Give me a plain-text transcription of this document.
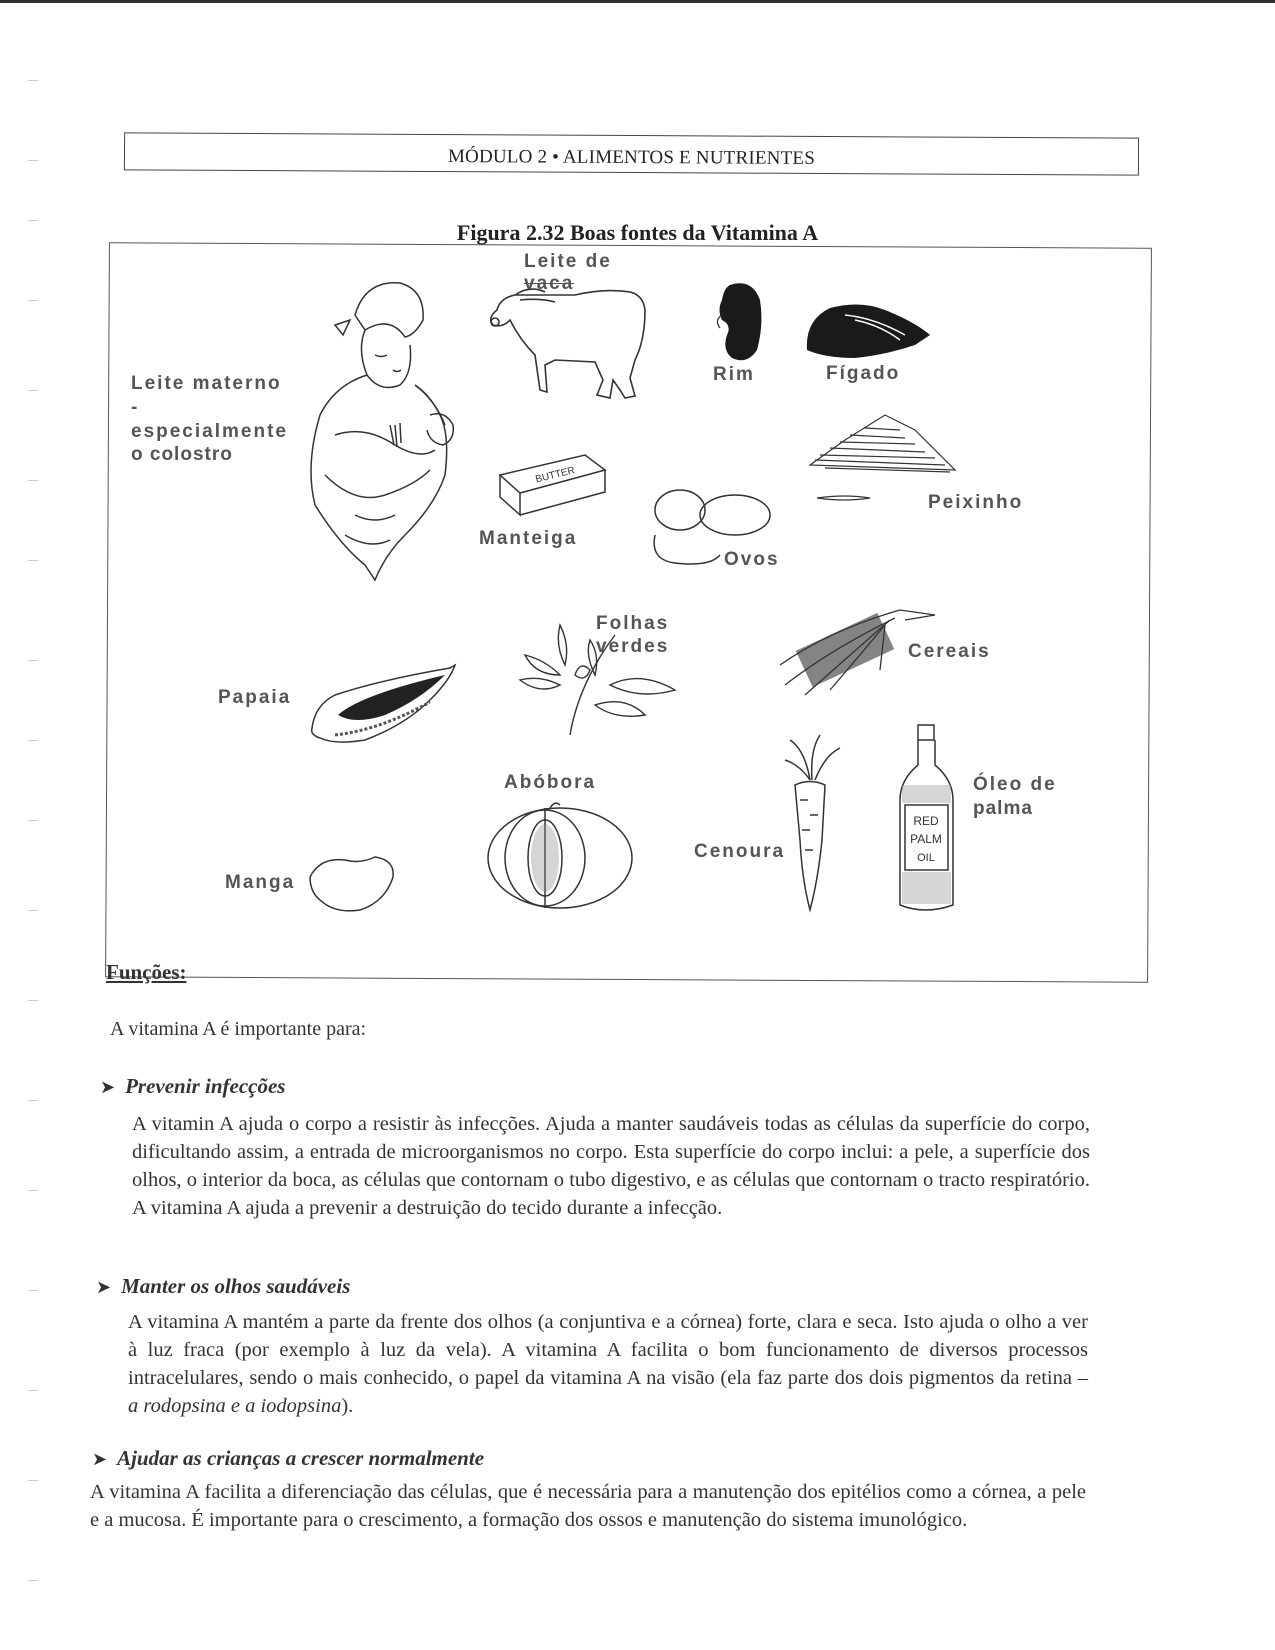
MÓDULO 2 • ALIMENTOS E NUTRIENTES
Figura 2.32 Boas fontes da Vitamina A
BUTTER
RED
PALM
OIL
Leite materno
-
especialmente
o colostro
Leite de
vaca
Rim	Fígado
Manteiga
Ovos
Peixinho
Folhas
verdes	Cereais
Papaia
Abóbora
Cenoura
Óleo de
palma
Manga
Funções:
A vitamina A é importante para:
➤ Prevenir infecções
A vitamin A ajuda o corpo a resistir às infecções. Ajuda a manter saudáveis todas as células da superfície do corpo, dificultando assim, a entrada de microorganismos no corpo. Esta superfície do corpo inclui: a pele, a superfície dos olhos, o interior da boca, as células que contornam o tubo digestivo, e as células que contornam o tracto respiratório. A vitamina A ajuda a prevenir a destruição do tecido durante a infecção.
➤ Manter os olhos saudáveis
A vitamina A mantém a parte da frente dos olhos (a conjuntiva e a córnea) forte, clara e seca. Isto ajuda o olho a ver à luz fraca (por exemplo à luz da vela). A vitamina A facilita o bom funcionamento de diversos processos intracelulares, sendo o mais conhecido, o papel da vitamina A na visão (ela faz parte dos dois pigmentos da retina – a rodopsina e a iodopsina).
➤ Ajudar as crianças a crescer normalmente
A vitamina A facilita a diferenciação das células, que é necessária para a manutenção dos epitélios como a córnea, a pele e a mucosa. É importante para o crescimento, a formação dos ossos e manutenção do sistema imunológico.
